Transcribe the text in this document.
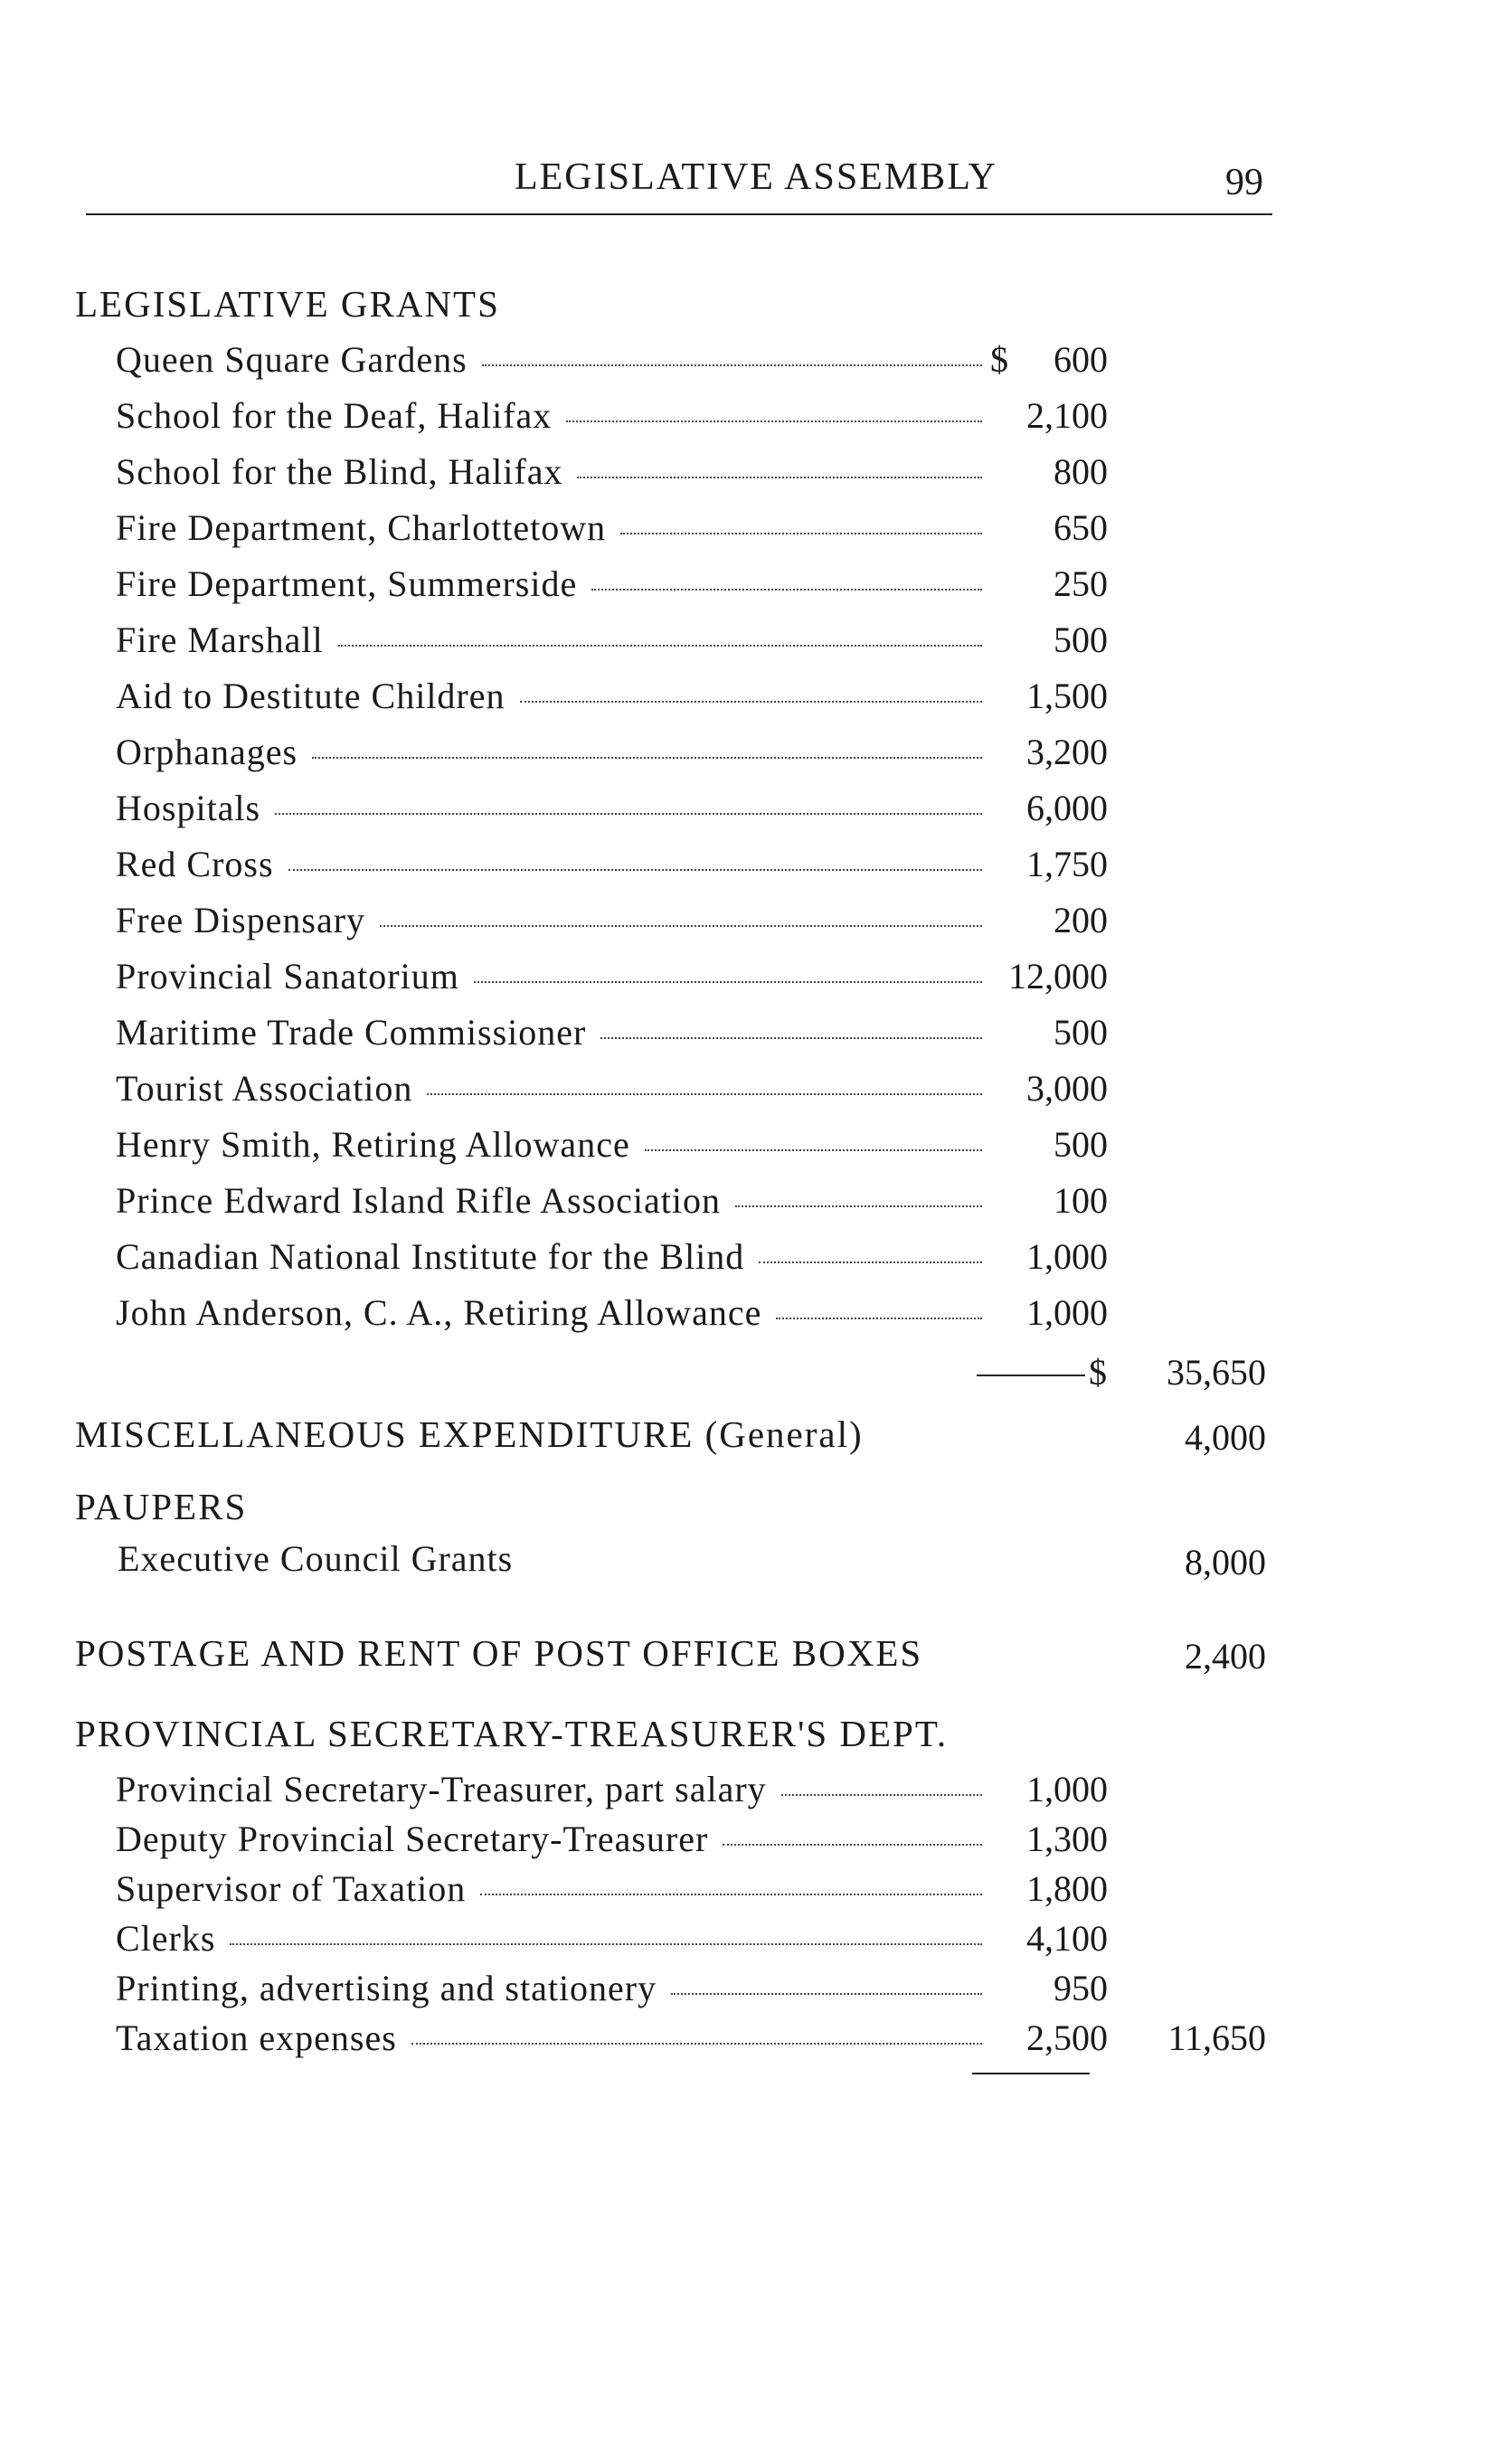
LEGISLATIVE ASSEMBLY	99
LEGISLATIVE GRANTS
Queen Square Gardens	$	600
School for the Deaf, Halifax	2,100
School for the Blind, Halifax	800
Fire Department, Charlottetown	650
Fire Department, Summerside	250
Fire Marshall	500
Aid to Destitute Children	1,500
Orphanages	3,200
Hospitals	6,000
Red Cross	1,750
Free Dispensary	200
Provincial Sanatorium	12,000
Maritime Trade Commissioner	500
Tourist Association	3,000
Henry Smith, Retiring Allowance	500
Prince Edward Island Rifle Association	100
Canadian National Institute for the Blind	1,000
John Anderson, C. A., Retiring Allowance	1,000
$	35,650
MISCELLANEOUS EXPENDITURE (General)	4,000
PAUPERS
Executive Council Grants	8,000
POSTAGE AND RENT OF POST OFFICE BOXES	2,400
PROVINCIAL SECRETARY-TREASURER'S DEPT.
Provincial Secretary-Treasurer, part salary	1,000
Deputy Provincial Secretary-Treasurer	1,300
Supervisor of Taxation	1,800
Clerks	4,100
Printing, advertising and stationery	950
Taxation expenses	2,500	11,650
